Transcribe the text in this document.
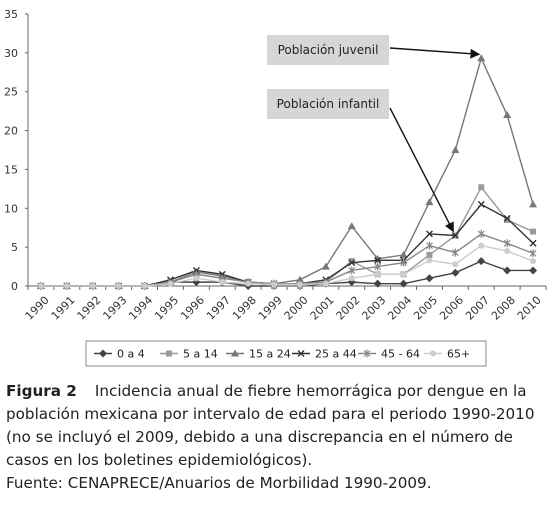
0
5
10
15
20
25
30
35
1990
1991
1992
1993
1994
1995
1996
1997
1998
1999
2000
2001
2002
2003
2004
2005
2006
2007
2008
2010
Población juvenil
Población infantil
0 a 4	5 a 14	15 a 24 25 a 44 45 - 64 65+

Figura 2 Incidencia anual de fiebre hemorrágica por dengue en la población mexicana por intervalo de edad para el periodo 1990-2010 (no se incluyó el 2009, debido a una discrepancia en el número de casos en los boletines epidemiológicos).

Fuente: CENAPRECE/Anuarios de Morbilidad 1990-2009.
